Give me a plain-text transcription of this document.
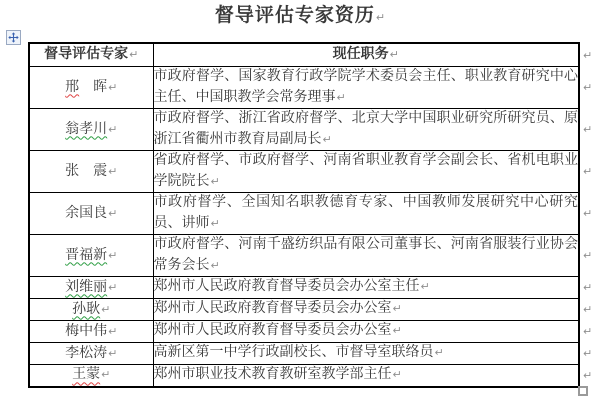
督导评估专家资历↵
督导评估专家↵	现任职务↵
邢　晖↵	市政府督学、国家教育行政学院学术委员会主任、职业教育研究中心主任、中国职教学会常务理事↵
翁孝川↵	市政府督学、浙江省政府督学、北京大学中国职业研究所研究员、原浙江省衢州市教育局副局长↵
张　震↵	省政府督学、市政府督学、河南省职业教育学会副会长、省机电职业学院院长↵
余国良↵	市政府督学、全国知名职教德育专家、中国教师发展研究中心研究员、讲师↵
晋福新↵	市政府督学、河南千盛纺织品有限公司董事长、河南省服装行业协会常务会长↵
刘维丽↵	郑州市人民政府教育督导委员会办公室主任↵
孙耿↵	郑州市人民政府教育督导委员会办公室↵
梅中伟↵	郑州市人民政府教育督导委员会办公室↵
李松涛↵	高新区第一中学行政副校长、市督导室联络员↵
王蒙↵	郑州市职业技术教育教研室教学部主任↵
↵
↵
↵
↵
↵
↵
↵
↵
↵
↵
↵
